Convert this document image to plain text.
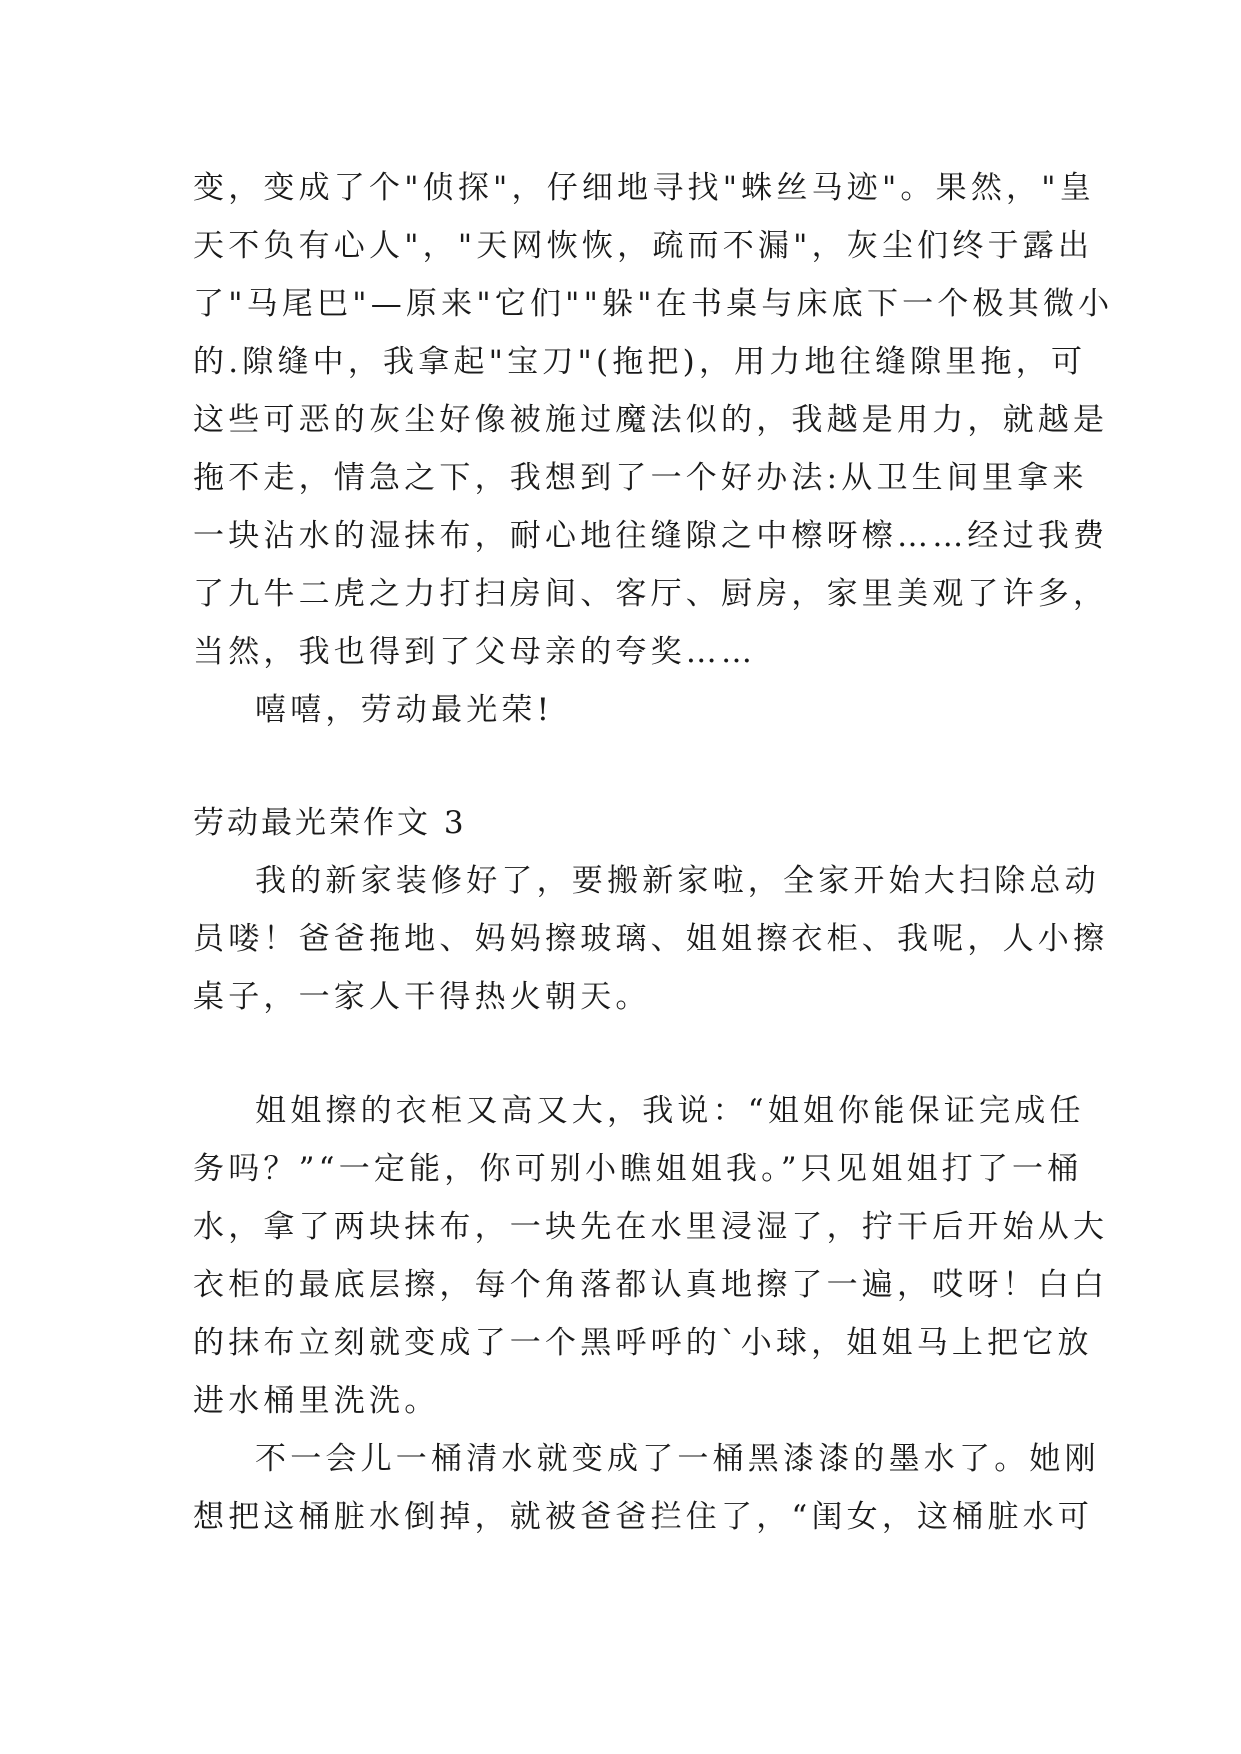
变，变成了个"侦探"，仔细地寻找"蛛丝马迹"。果然，"皇
天不负有心人"，"天网恢恢，疏而不漏"，灰尘们终于露出
了"马尾巴"—原来"它们""躲"在书桌与床底下一个极其微小
的.隙缝中，我拿起"宝刀"(拖把)，用力地往缝隙里拖，可
这些可恶的灰尘好像被施过魔法似的，我越是用力，就越是
拖不走，情急之下，我想到了一个好办法:从卫生间里拿来
一块沾水的湿抹布，耐心地往缝隙之中檫呀檫……经过我费
了九牛二虎之力打扫房间、客厅、厨房，家里美观了许多，
当然，我也得到了父母亲的夸奖……
嘻嘻，劳动最光荣!
劳动最光荣作文 3
我的新家装修好了，要搬新家啦，全家开始大扫除总动
员喽！爸爸拖地、妈妈擦玻璃、姐姐擦衣柜、我呢，人小擦
桌子，一家人干得热火朝天。
姐姐擦的衣柜又高又大，我说：“姐姐你能保证完成任
务吗？”“一定能，你可别小瞧姐姐我。”只见姐姐打了一桶
水，拿了两块抹布，一块先在水里浸湿了，拧干后开始从大
衣柜的最底层擦，每个角落都认真地擦了一遍，哎呀！白白
的抹布立刻就变成了一个黑呼呼的`小球，姐姐马上把它放
进水桶里洗洗。
不一会儿一桶清水就变成了一桶黑漆漆的墨水了。她刚
想把这桶脏水倒掉，就被爸爸拦住了，“闺女，这桶脏水可
